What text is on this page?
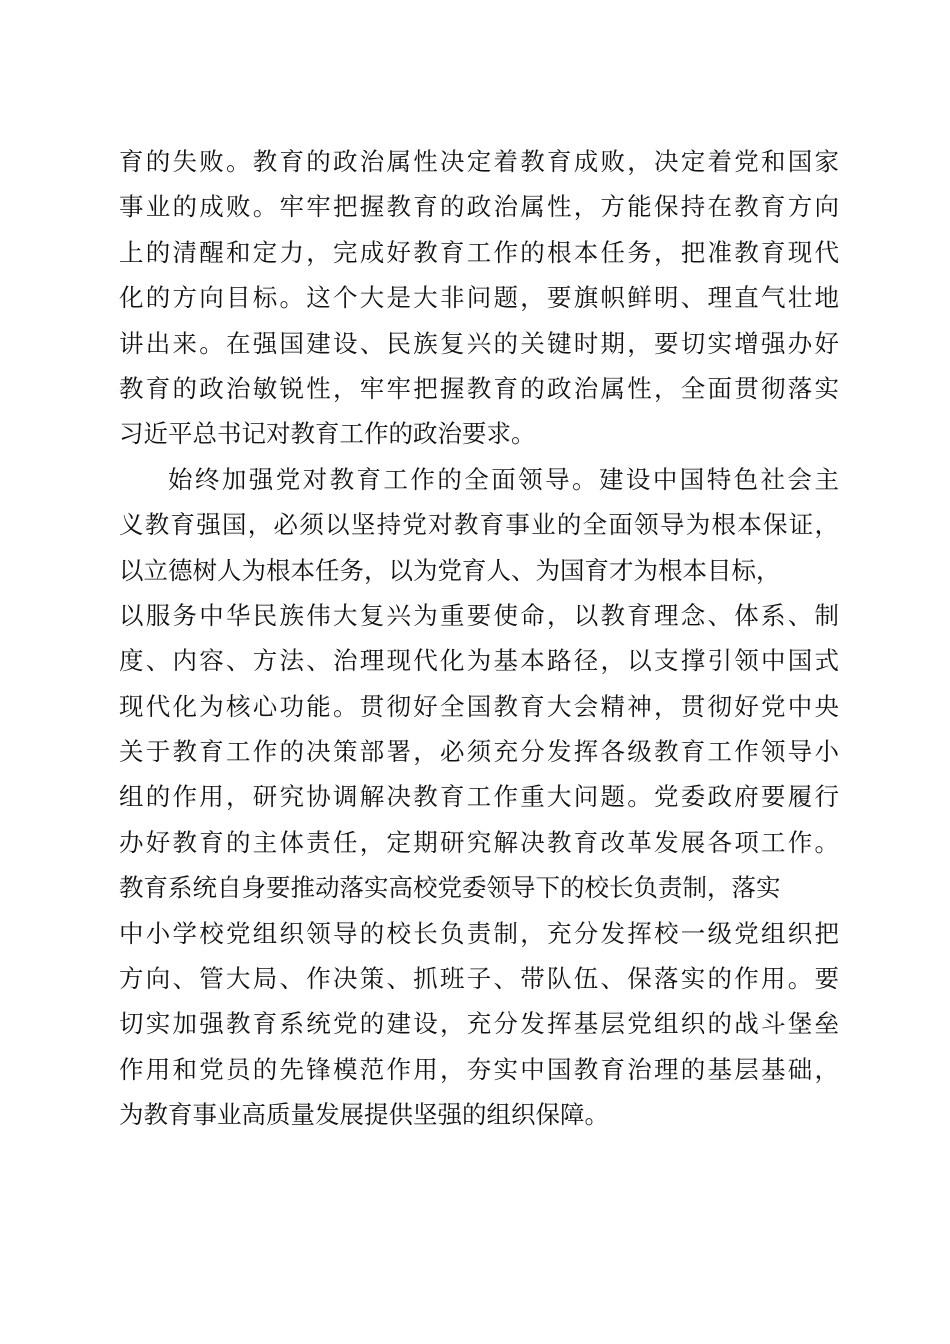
育的失败。教育的政治属性决定着教育成败，决定着党和国家
事业的成败。牢牢把握教育的政治属性，方能保持在教育方向
上的清醒和定力，完成好教育工作的根本任务，把准教育现代
化的方向目标。这个大是大非问题，要旗帜鲜明、理直气壮地
讲出来。在强国建设、民族复兴的关键时期，要切实增强办好
教育的政治敏锐性，牢牢把握教育的政治属性，全面贯彻落实
习近平总书记对教育工作的政治要求。
始终加强党对教育工作的全面领导。建设中国特色社会主
义教育强国，必须以坚持党对教育事业的全面领导为根本保证，
以立德树人为根本任务，以为党育人、为国育才为根本目标，
以服务中华民族伟大复兴为重要使命，以教育理念、体系、制
度、内容、方法、治理现代化为基本路径，以支撑引领中国式
现代化为核心功能。贯彻好全国教育大会精神，贯彻好党中央
关于教育工作的决策部署，必须充分发挥各级教育工作领导小
组的作用，研究协调解决教育工作重大问题。党委政府要履行
办好教育的主体责任，定期研究解决教育改革发展各项工作。
教育系统自身要推动落实高校党委领导下的校长负责制，落实
中小学校党组织领导的校长负责制，充分发挥校一级党组织把
方向、管大局、作决策、抓班子、带队伍、保落实的作用。要
切实加强教育系统党的建设，充分发挥基层党组织的战斗堡垒
作用和党员的先锋模范作用，夯实中国教育治理的基层基础，
为教育事业高质量发展提供坚强的组织保障。
